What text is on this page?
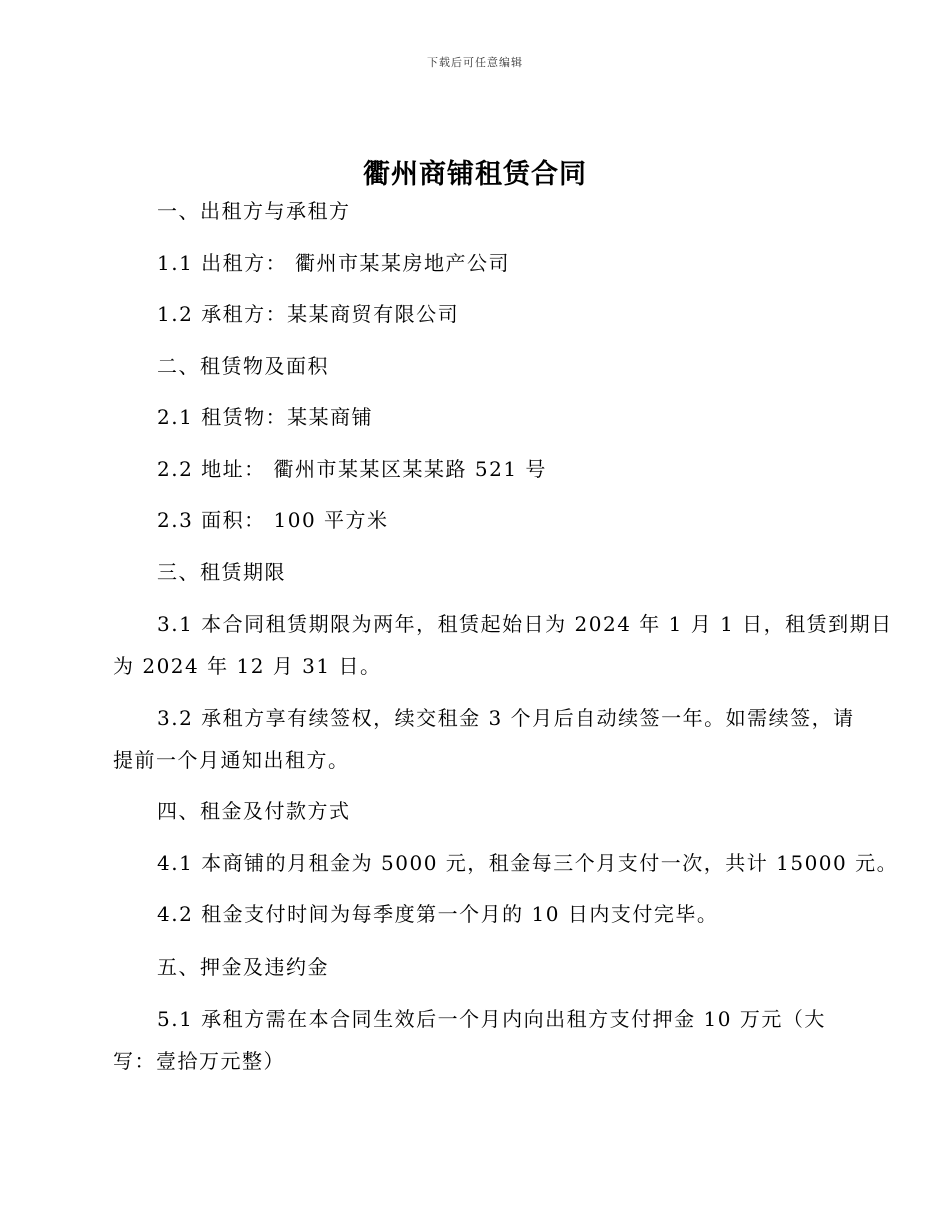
下载后可任意编辑
衢州商铺租赁合同
一、出租方与承租方
1.1 出租方： 衢州市某某房地产公司
1.2 承租方：某某商贸有限公司
二、租赁物及面积
2.1 租赁物：某某商铺
2.2 地址： 衢州市某某区某某路 521 号
2.3 面积： 100 平方米
三、租赁期限
3.1 本合同租赁期限为两年，租赁起始日为 2024 年 1 月 1 日，租赁到期日
为 2024 年 12 月 31 日。
3.2 承租方享有续签权，续交租金 3 个月后自动续签一年。如需续签，请
提前一个月通知出租方。
四、租金及付款方式
4.1 本商铺的月租金为 5000 元，租金每三个月支付一次，共计 15000 元。
4.2 租金支付时间为每季度第一个月的 10 日内支付完毕。
五、押金及违约金
5.1 承租方需在本合同生效后一个月内向出租方支付押金 10 万元（大
写：壹拾万元整）
